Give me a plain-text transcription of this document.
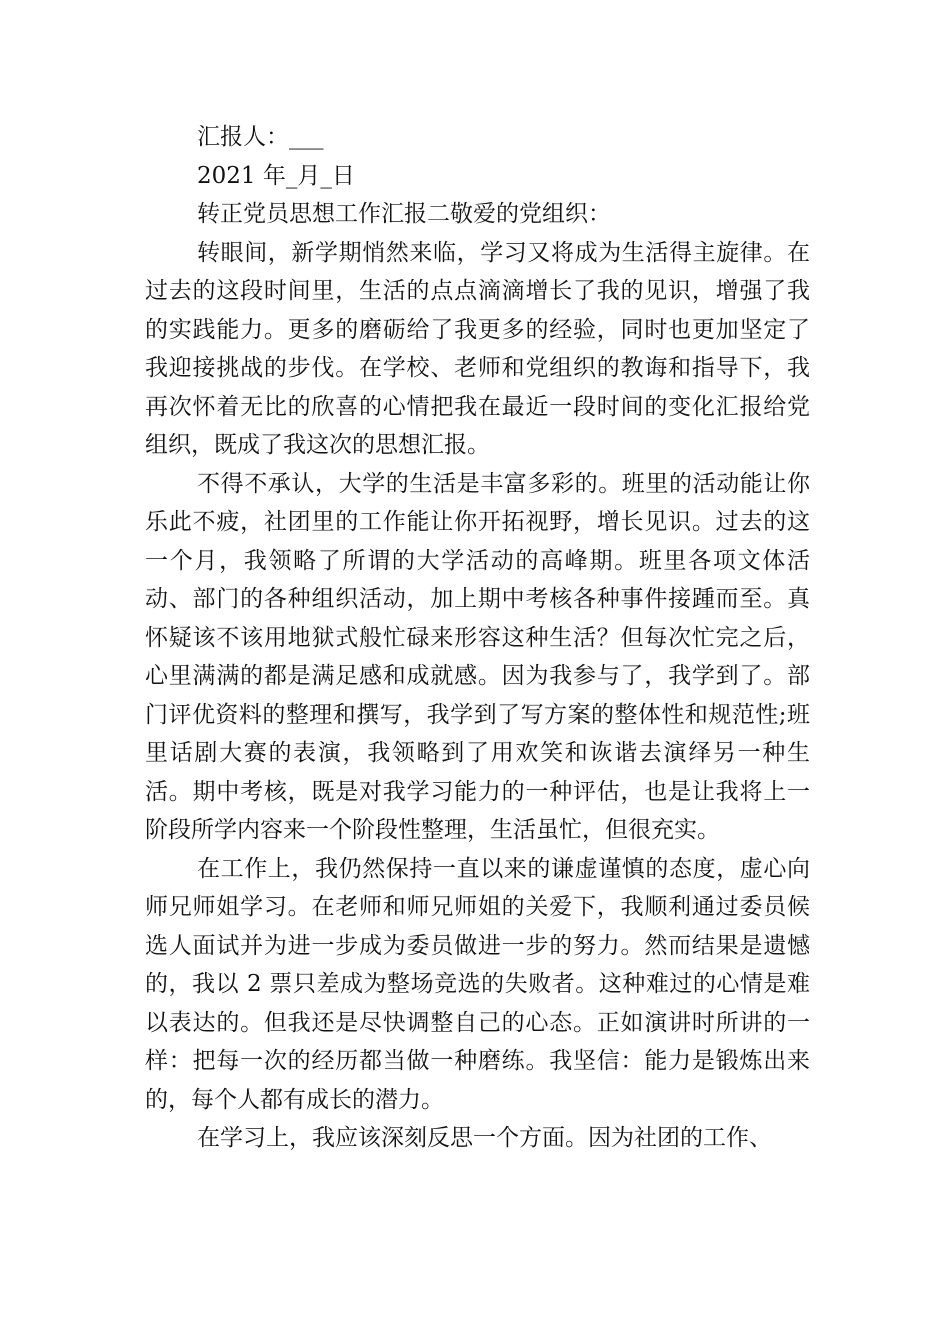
汇报人：___

2021 年_月_日

转正党员思想工作汇报二敬爱的党组织：

转眼间，新学期悄然来临，学习又将成为生活得主旋律。在过去的这段时间里，生活的点点滴滴增长了我的见识，增强了我的实践能力。更多的磨砺给了我更多的经验，同时也更加坚定了我迎接挑战的步伐。在学校、老师和党组织的教诲和指导下，我再次怀着无比的欣喜的心情把我在最近一段时间的变化汇报给党组织，既成了我这次的思想汇报。

不得不承认，大学的生活是丰富多彩的。班里的活动能让你乐此不疲，社团里的工作能让你开拓视野，增长见识。过去的这一个月，我领略了所谓的大学活动的高峰期。班里各项文体活动、部门的各种组织活动，加上期中考核各种事件接踵而至。真怀疑该不该用地狱式般忙碌来形容这种生活？但每次忙完之后，心里满满的都是满足感和成就感。因为我参与了，我学到了。部门评优资料的整理和撰写，我学到了写方案的整体性和规范性;班里话剧大赛的表演，我领略到了用欢笑和诙谐去演绎另一种生活。期中考核，既是对我学习能力的一种评估，也是让我将上一阶段所学内容来一个阶段性整理，生活虽忙，但很充实。

在工作上，我仍然保持一直以来的谦虚谨慎的态度，虚心向师兄师姐学习。在老师和师兄师姐的关爱下，我顺利通过委员候选人面试并为进一步成为委员做进一步的努力。然而结果是遗憾的，我以 2 票只差成为整场竞选的失败者。这种难过的心情是难以表达的。但我还是尽快调整自己的心态。正如演讲时所讲的一样：把每一次的经历都当做一种磨练。我坚信：能力是锻炼出来的，每个人都有成长的潜力。

在学习上，我应该深刻反思一个方面。因为社团的工作、
